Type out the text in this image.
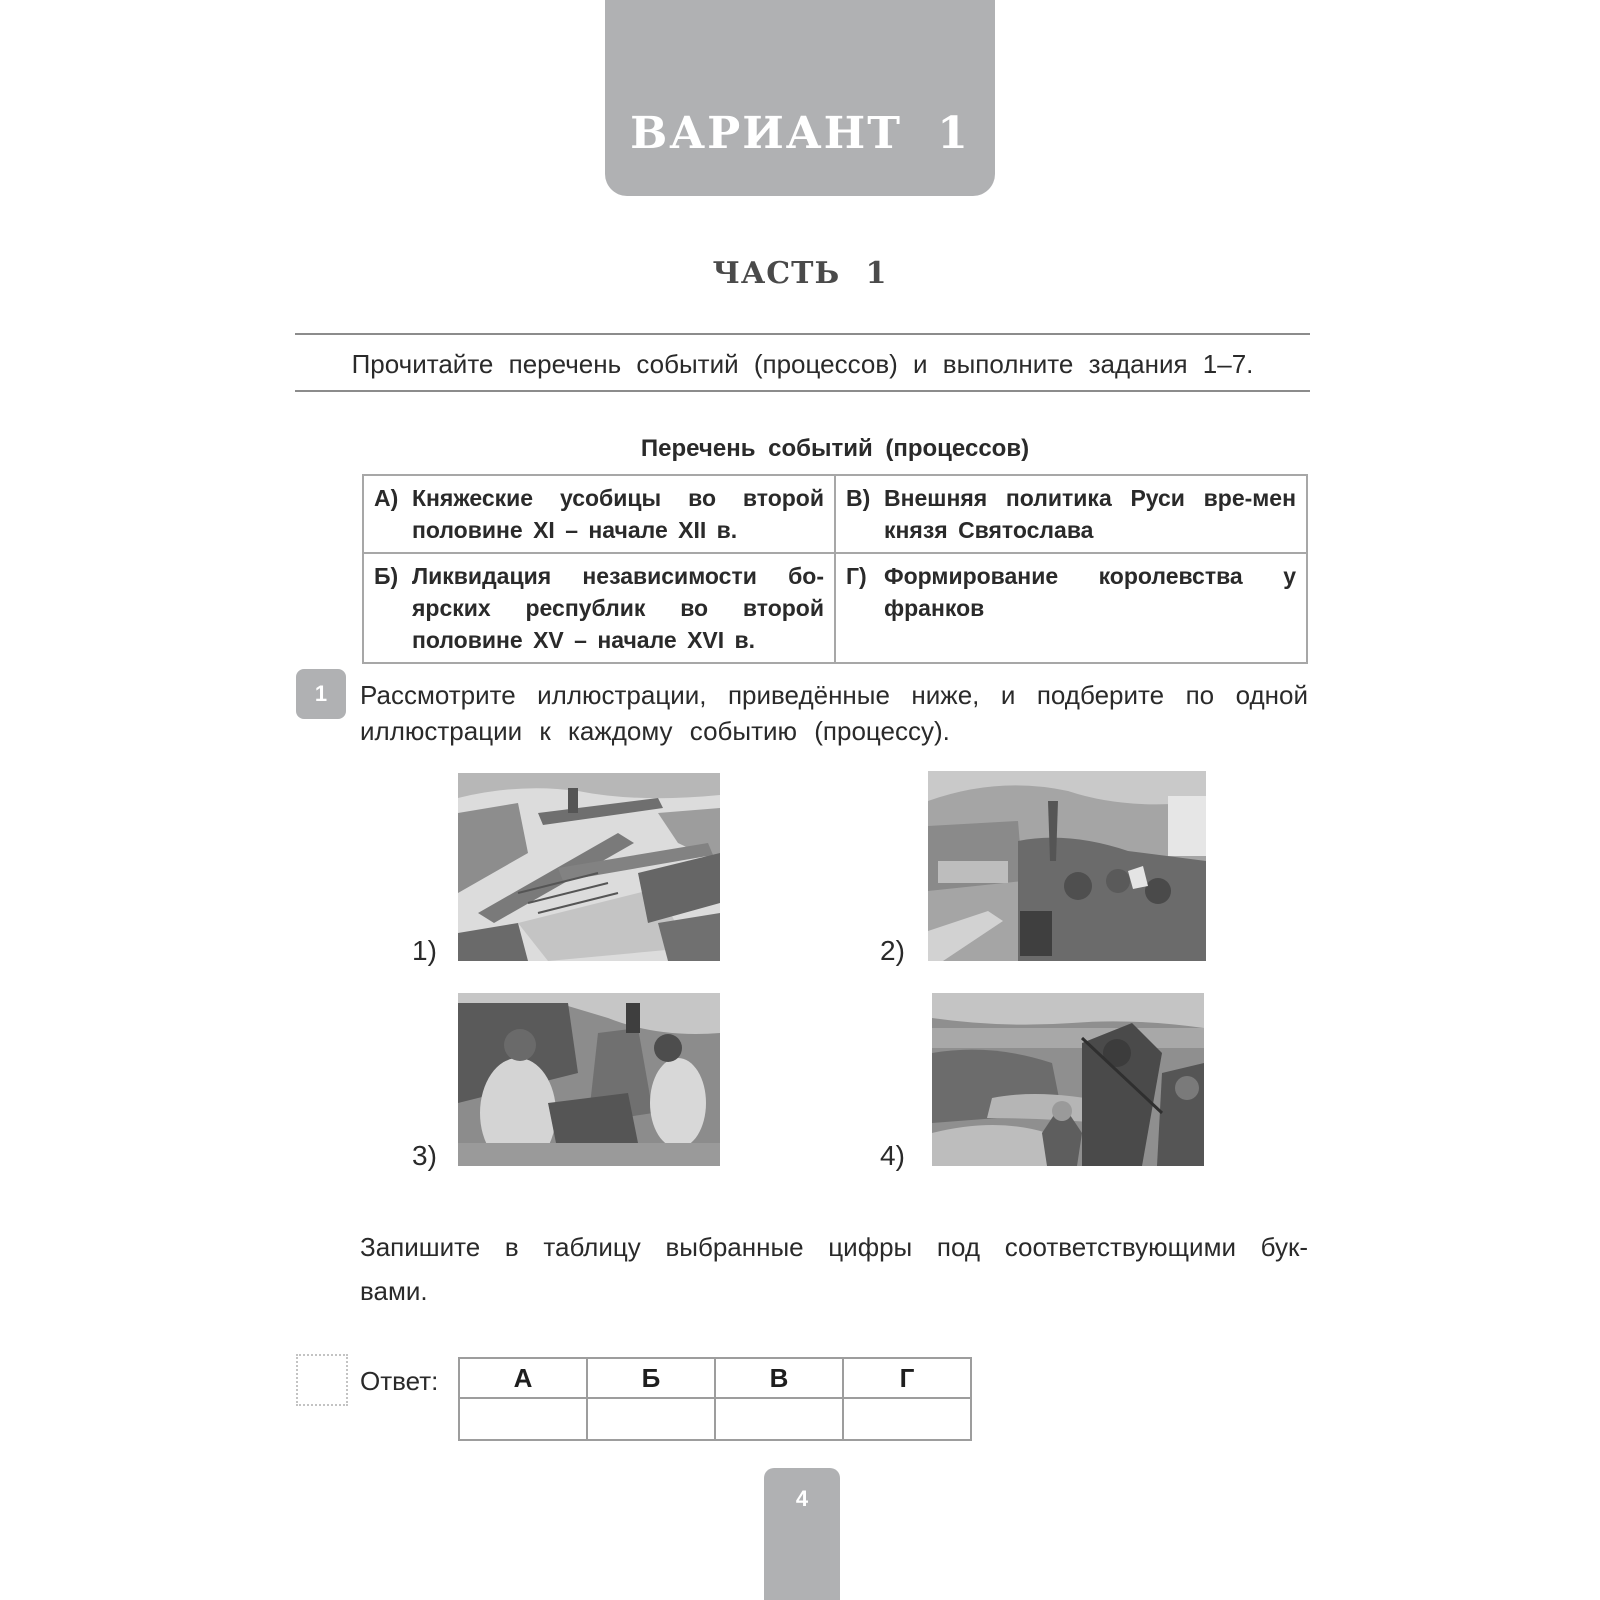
ВАРИАНТ 1
ЧАСТЬ 1
Прочитайте перечень событий (процессов) и выполните задания 1–7.
Перечень событий (процессов)
А) Княжеские усобицы во второй половине XI – начале XII в.	В) Внешняя политика Руси вре-мен князя Святослава

Б) Ликвидация независимости бо-ярских республик во второй половине XV – начале XVI в.	Г) Формирование королевства у франков
1	Рассмотрите иллюстрации, приведённые ниже, и подберите по одной иллюстрации к каждому событию (процессу).
1)	2)
3)	4)
Запишите в таблицу выбранные цифры под соответствующими бук-вами.
Ответ:	А	Б	В	Г

4
